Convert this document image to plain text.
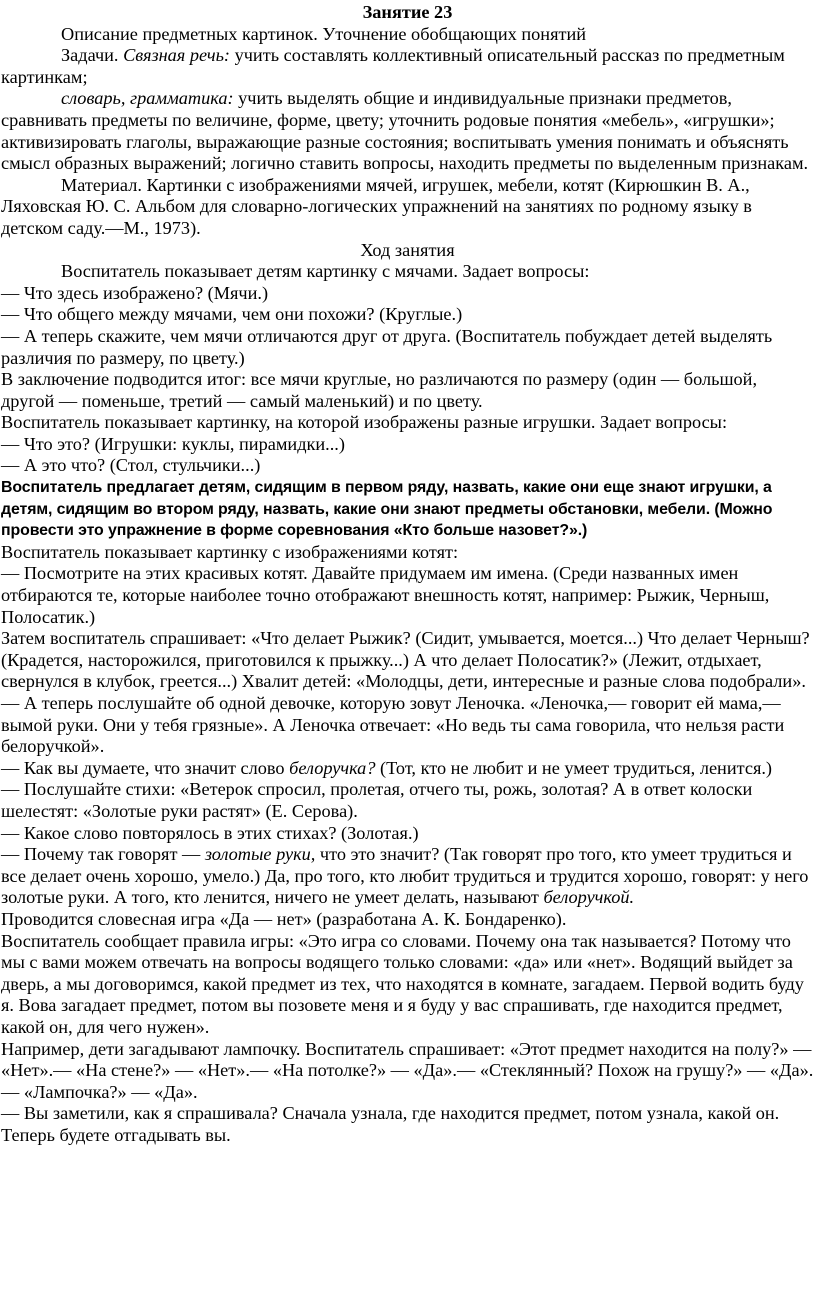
Занятие 23

Описание предметных картинок. Уточнение обобщающих понятий

Задачи. Связная речь: учить составлять коллективный описательный рассказ по предметным картинкам;

словарь, грамматика: учить выделять общие и индивидуальные признаки предметов, сравнивать предметы по величине, форме, цвету; уточнить родовые понятия «мебель», «игрушки»; активизировать глаголы, выражающие разные состояния; воспитывать умения понимать и объяснять смысл образных выражений; логично ставить вопросы, находить предметы по выделенным признакам.

Материал. Картинки с изображениями мячей, игрушек, мебели, котят (Кирюшкин В. А., Ляховская Ю. С. Альбом для словарно-логических упражнений на занятиях по родному языку в детском саду.—М., 1973).

Ход занятия

Воспитатель показывает детям картинку с мячами. Задает вопросы:

— Что здесь изображено? (Мячи.)

— Что общего между мячами, чем они похожи? (Круглые.)

— А теперь скажите, чем мячи отличаются друг от друга. (Воспитатель побуждает детей выделять различия по размеру, по цвету.)

В заключение подводится итог: все мячи круглые, но различаются по размеру (один — большой, другой — поменьше, третий — самый маленький) и по цвету.

Воспитатель показывает картинку, на которой изображены разные игрушки. Задает вопросы:

— Что это? (Игрушки: куклы, пирамидки...)

— А это что? (Стол, стульчики...)

Воспитатель предлагает детям, сидящим в первом ряду, назвать, какие они еще знают игрушки, а детям, сидящим во втором ряду, назвать, какие они знают предметы обстановки, мебели. (Можно провести это упражнение в форме соревнования «Кто больше назовет?».)

Воспитатель показывает картинку с изображениями котят:

— Посмотрите на этих красивых котят. Давайте придумаем им имена. (Среди названных имен отбираются те, которые наиболее точно отображают внешность котят, например: Рыжик, Черныш, Полосатик.)

Затем воспитатель спрашивает: «Что делает Рыжик? (Сидит, умывается, моется...) Что делает Черныш? (Крадется, насторожился, приготовился к прыжку...) А что делает Полосатик?» (Лежит, отдыхает, свернулся в клубок, греется...) Хвалит детей: «Молодцы, дети, интересные и разные слова подобрали».

— А теперь послушайте об одной девочке, которую зовут Леночка. «Леночка,— говорит ей мама,— вымой руки. Они у тебя грязные». А Леночка отвечает: «Но ведь ты сама говорила, что нельзя расти белоручкой».

— Как вы думаете, что значит слово белоручка? (Тот, кто не любит и не умеет трудиться, ленится.)

— Послушайте стихи: «Ветерок спросил, пролетая, отчего ты, рожь, золотая? А в ответ колоски шелестят: «Золотые руки растят» (Е. Серова).

— Какое слово повторялось в этих стихах? (Золотая.)

— Почему так говорят — золотые руки, что это значит? (Так говорят про того, кто умеет трудиться и все делает очень хорошо, умело.) Да, про того, кто любит трудиться и трудится хорошо, говорят: у него золотые руки. А того, кто ленится, ничего не умеет делать, называют белоручкой.

Проводится словесная игра «Да — нет» (разработана А. К. Бондаренко).

Воспитатель сообщает правила игры: «Это игра со словами. Почему она так называется? Потому что мы с вами можем отвечать на вопросы водящего только словами: «да» или «нет». Водящий выйдет за дверь, а мы договоримся, какой предмет из тех, что находятся в комнате, загадаем. Первой водить буду я. Вова загадает предмет, потом вы позовете меня и я буду у вас спрашивать, где находится предмет, какой он, для чего нужен».

Например, дети загадывают лампочку. Воспитатель спрашивает: «Этот предмет находится на полу?» — «Нет».— «На стене?» — «Нет».— «На потолке?» — «Да».— «Стеклянный? Похож на грушу?» — «Да».— «Лампочка?» — «Да».

— Вы заметили, как я спрашивала? Сначала узнала, где находится предмет, потом узнала, какой он. Теперь будете отгадывать вы.
